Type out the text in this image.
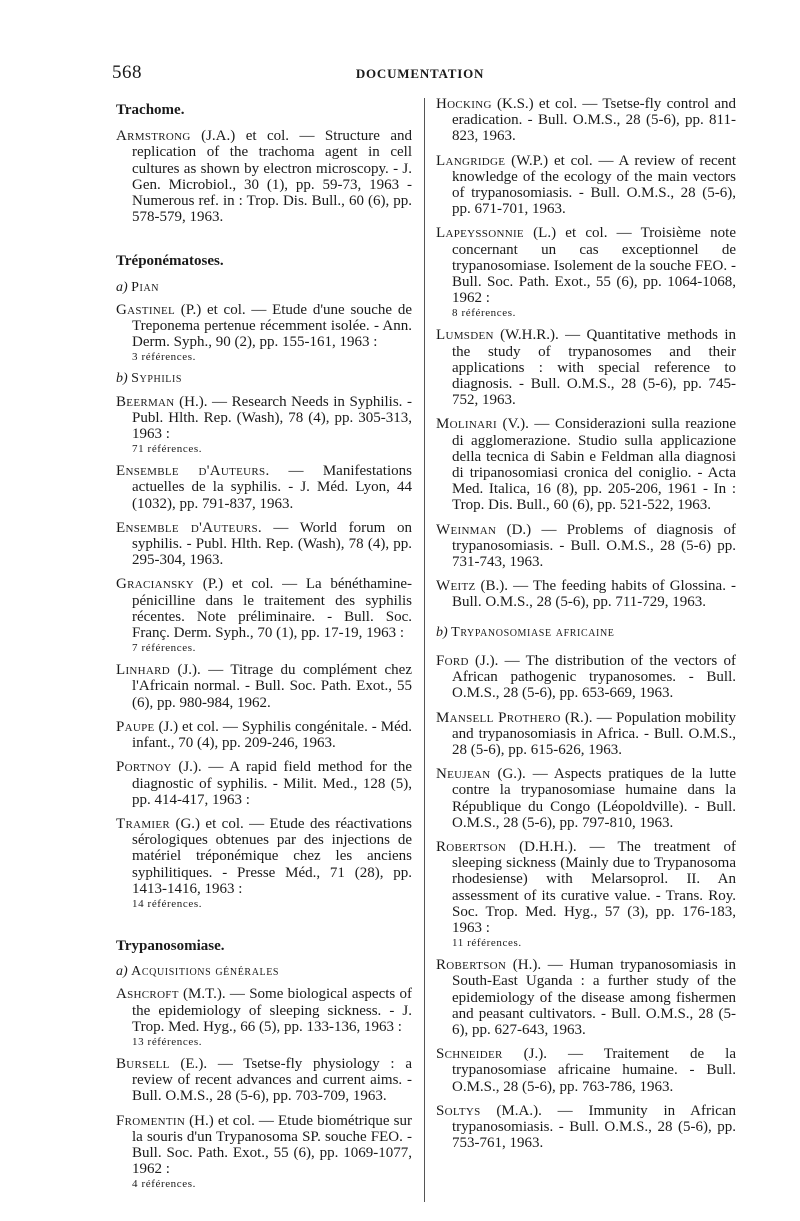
568	DOCUMENTATION
Trachome.
Armstrong (J.A.) et col. — Structure and replication of the trachoma agent in cell cultures as shown by electron microscopy. - J. Gen. Microbiol., 30 (1), pp. 59-73, 1963 - Numerous ref. in : Trop. Dis. Bull., 60 (6), pp. 578-579, 1963.
Tréponématoses.
a) Pian
Gastinel (P.) et col. — Etude d'une souche de Treponema pertenue récemment isolée. - Ann. Derm. Syph., 90 (2), pp. 155-161, 1963 :
3 références.
b) Syphilis
Beerman (H.). — Research Needs in Syphilis. - Publ. Hlth. Rep. (Wash), 78 (4), pp. 305-313, 1963 :
71 références.
Ensemble d'Auteurs. — Manifestations actuelles de la syphilis. - J. Méd. Lyon, 44 (1032), pp. 791-837, 1963.
Ensemble d'Auteurs. — World forum on syphilis. - Publ. Hlth. Rep. (Wash), 78 (4), pp. 295-304, 1963.
Graciansky (P.) et col. — La bénéthamine-pénicilline dans le traitement des syphilis récentes. Note préliminaire. - Bull. Soc. Franç. Derm. Syph., 70 (1), pp. 17-19, 1963 :
7 références.
Linhard (J.). — Titrage du complément chez l'Africain normal. - Bull. Soc. Path. Exot., 55 (6), pp. 980-984, 1962.
Paupe (J.) et col. — Syphilis congénitale. - Méd. infant., 70 (4), pp. 209-246, 1963.
Portnoy (J.). — A rapid field method for the diagnostic of syphilis. - Milit. Med., 128 (5), pp. 414-417, 1963 :
Tramier (G.) et col. — Etude des réactivations sérologiques obtenues par des injections de matériel tréponémique chez les anciens syphilitiques. - Presse Méd., 71 (28), pp. 1413-1416, 1963 :
14 références.
Trypanosomiase.
a) Acquisitions générales
Ashcroft (M.T.). — Some biological aspects of the epidemiology of sleeping sickness. - J. Trop. Med. Hyg., 66 (5), pp. 133-136, 1963 :
13 références.
Bursell (E.). — Tsetse-fly physiology : a review of recent advances and current aims. - Bull. O.M.S., 28 (5-6), pp. 703-709, 1963.
Fromentin (H.) et col. — Etude biométrique sur la souris d'un Trypanosoma SP. souche FEO. - Bull. Soc. Path. Exot., 55 (6), pp. 1069-1077, 1962 :
4 références.
Hocking (K.S.) et col. — Tsetse-fly control and eradication. - Bull. O.M.S., 28 (5-6), pp. 811-823, 1963.
Langridge (W.P.) et col. — A review of recent knowledge of the ecology of the main vectors of trypanosomiasis. - Bull. O.M.S., 28 (5-6), pp. 671-701, 1963.
Lapeyssonnie (L.) et col. — Troisième note concernant un cas exceptionnel de trypanosomiase. Isolement de la souche FEO. - Bull. Soc. Path. Exot., 55 (6), pp. 1064-1068, 1962 :
8 références.
Lumsden (W.H.R.). — Quantitative methods in the study of trypanosomes and their applications : with special reference to diagnosis. - Bull. O.M.S., 28 (5-6), pp. 745-752, 1963.
Molinari (V.). — Considerazioni sulla reazione di agglomerazione. Studio sulla applicazione della tecnica di Sabin e Feldman alla diagnosi di tripanosomiasi cronica del coniglio. - Acta Med. Italica, 16 (8), pp. 205-206, 1961 - In : Trop. Dis. Bull., 60 (6), pp. 521-522, 1963.
Weinman (D.) — Problems of diagnosis of trypanosomiasis. - Bull. O.M.S., 28 (5-6) pp. 731-743, 1963.
Weitz (B.). — The feeding habits of Glossina. - Bull. O.M.S., 28 (5-6), pp. 711-729, 1963.
b) Trypanosomiase africaine
Ford (J.). — The distribution of the vectors of African pathogenic trypanosomes. - Bull. O.M.S., 28 (5-6), pp. 653-669, 1963.
Mansell Prothero (R.). — Population mobility and trypanosomiasis in Africa. - Bull. O.M.S., 28 (5-6), pp. 615-626, 1963.
Neujean (G.). — Aspects pratiques de la lutte contre la trypanosomiase humaine dans la République du Congo (Léopoldville). - Bull. O.M.S., 28 (5-6), pp. 797-810, 1963.
Robertson (D.H.H.). — The treatment of sleeping sickness (Mainly due to Trypanosoma rhodesiense) with Melarsoprol. II. An assessment of its curative value. - Trans. Roy. Soc. Trop. Med. Hyg., 57 (3), pp. 176-183, 1963 :
11 références.
Robertson (H.). — Human trypanosomiasis in South-East Uganda : a further study of the epidemiology of the disease among fishermen and peasant cultivators. - Bull. O.M.S., 28 (5-6), pp. 627-643, 1963.
Schneider (J.). — Traitement de la trypanosomiase africaine humaine. - Bull. O.M.S., 28 (5-6), pp. 763-786, 1963.
Soltys (M.A.). — Immunity in African trypanosomiasis. - Bull. O.M.S., 28 (5-6), pp. 753-761, 1963.
